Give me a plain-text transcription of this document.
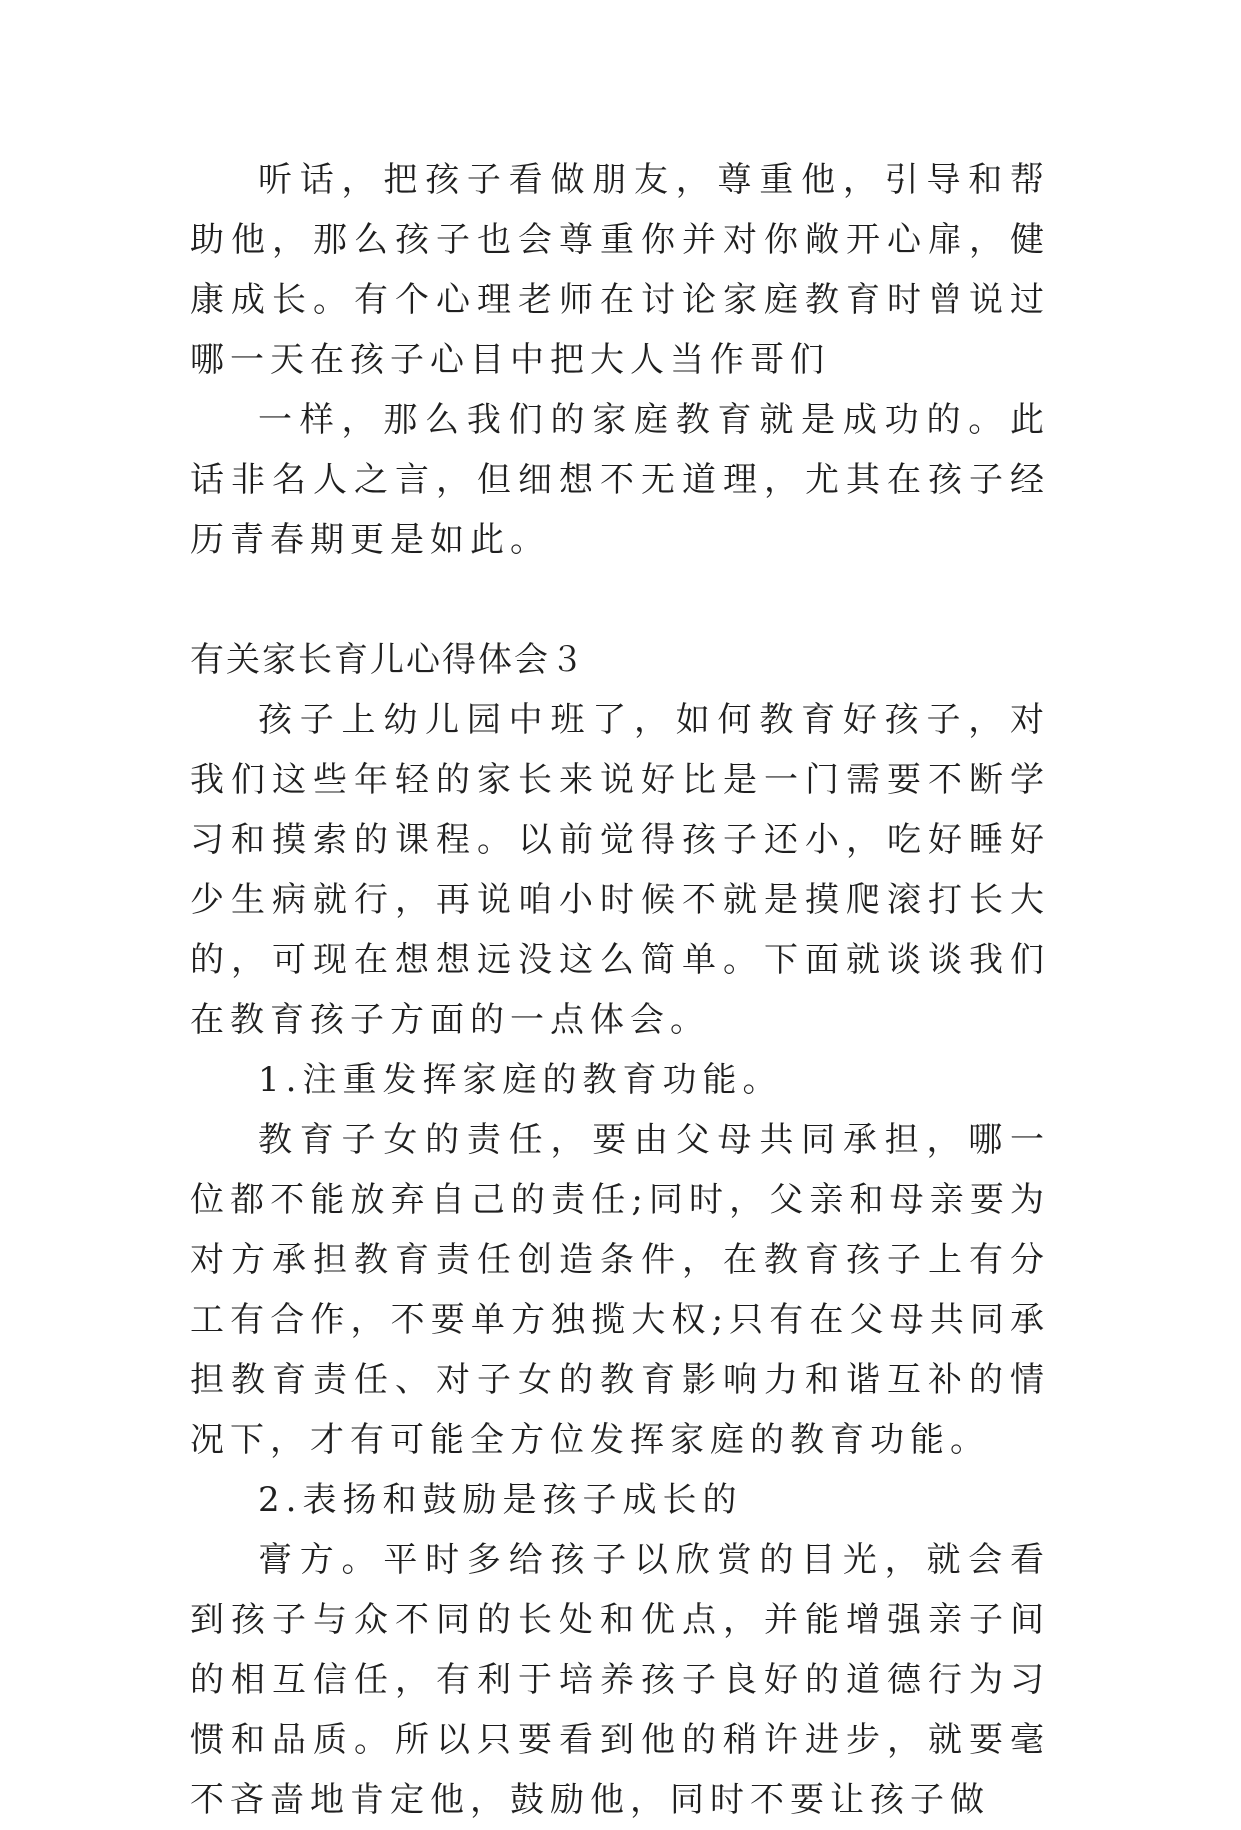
听话，把孩子看做朋友，尊重他，引导和帮助他，那么孩子也会尊重你并对你敞开心扉，健康成长。有个心理老师在讨论家庭教育时曾说过哪一天在孩子心目中把大人当作哥们

一样，那么我们的家庭教育就是成功的。此话非名人之言，但细想不无道理，尤其在孩子经历青春期更是如此。

有关家长育儿心得体会３

孩子上幼儿园中班了，如何教育好孩子，对我们这些年轻的家长来说好比是一门需要不断学习和摸索的课程。以前觉得孩子还小，吃好睡好少生病就行，再说咱小时候不就是摸爬滚打长大的，可现在想想远没这么简单。下面就谈谈我们在教育孩子方面的一点体会。

1.注重发挥家庭的教育功能。

教育子女的责任，要由父母共同承担，哪一位都不能放弃自己的责任;同时，父亲和母亲要为对方承担教育责任创造条件，在教育孩子上有分工有合作，不要单方独揽大权;只有在父母共同承担教育责任、对子女的教育影响力和谐互补的情况下，才有可能全方位发挥家庭的教育功能。

2.表扬和鼓励是孩子成长的

膏方。平时多给孩子以欣赏的目光，就会看到孩子与众不同的长处和优点，并能增强亲子间的相互信任，有利于培养孩子良好的道德行为习惯和品质。所以只要看到他的稍许进步，就要毫不吝啬地肯定他，鼓励他，同时不要让孩子做
